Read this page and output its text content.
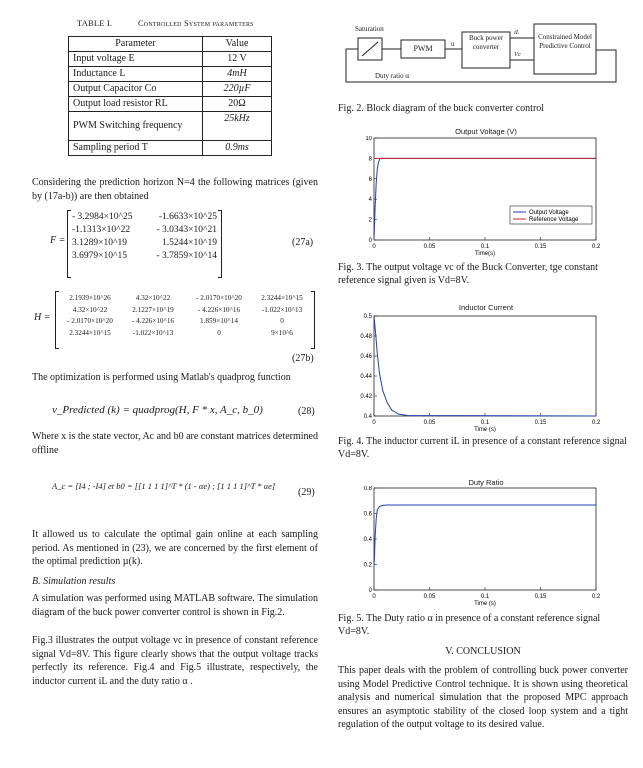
TABLE I.	Controlled System parameters
Parameter	Value
Input voltage E	12 V
Inductance L	4mH
Output Capacitor Co	220µF
Output load resistor RL	20Ω
PWM Switching frequency	25kHz
Sampling period T	0.9ms
Considering the prediction horizon N=4 the following matrices (given by (17a-b)) are then obtained
F =
- 3.2984×10^25	-1.6633×10^25
-1.1313×10^22	- 3.0343×10^21
3.1289×10^19	1.5244×10^19
3.6979×10^15	- 3.7859×10^14
(27a)
H =
2.1939×10^26	4.32×10^22	- 2.0170×10^20	2.3244×10^15
4.32×10^22	2.1227×10^19	- 4.226×10^16	-1.022×10^13
- 2.0170×10^20	- 4.226×10^16	1.859×10^14	0
2.3244×10^15	-1.022×10^13	0	9×10^6
(27b)
The optimization is performed using Matlab's quadprog function
v_Predicted (k) = quadprog(H, F * x, A_c, b_0)	(28)
Where x is the state vector, Ac and b0 are constant matrices determined offline
A_c = [I4 ; -I4] et b0 = [[1 1 1 1]^T * (1 - αe) ; [1 1 1 1]^T * αe]
(29)
It allowed us to calculate the optimal gain online at each sampling period. As mentioned in (23), we are concerned by the first element of the optimal prediction µ(k).
B. Simulation results
A simulation was performed using MATLAB software. The simulation diagram of the buck power converter control is shown in Fig.2.
Fig.3 illustrates the output voltage vc in presence of constant reference signal Vd=8V. This figure clearly shows that the output voltage tracks perfectly its reference. Fig.4 and Fig.5 illustrate, respectively, the inductor current iL and the duty ratio α .
Saturation
PWM	u
Buck power converter
iL
Vc
Constrained Model Predictive Control
Duty ratio α
Fig. 2. Block diagram of the buck converter control
Output Voltage (V)
0	0.05	0.1	0.15	0.2
0
2
4
6
8
10
Time(s)
Output Voltage
Reference Voltage
Fig. 3. The output voltage vc of the Buck Converter, tge constant reference signal given is Vd=8V.
Inductor Current
0	0.05	0.1	0.15	0.2
0.4
0.42
0.44
0.46
0.48
0.5
Time (s)
Fig. 4. The inductor current iL in presence of a constant reference signal Vd=8V.
Duty Ratio
0	0.05	0.1	0.15	0.2
0
0.2
0.4
0.6
0.8
Time (s)
Fig. 5. The Duty ratio α in presence of a constant reference signal Vd=8V.
V. CONCLUSION
This paper deals with the problem of controlling buck power converter using Model Predictive Control technique. It is shown using theoretical analysis and numerical simulation that the proposed MPC approach ensures an asymptotic stability of the closed loop system and a tight regulation of the output voltage to its desired value.
